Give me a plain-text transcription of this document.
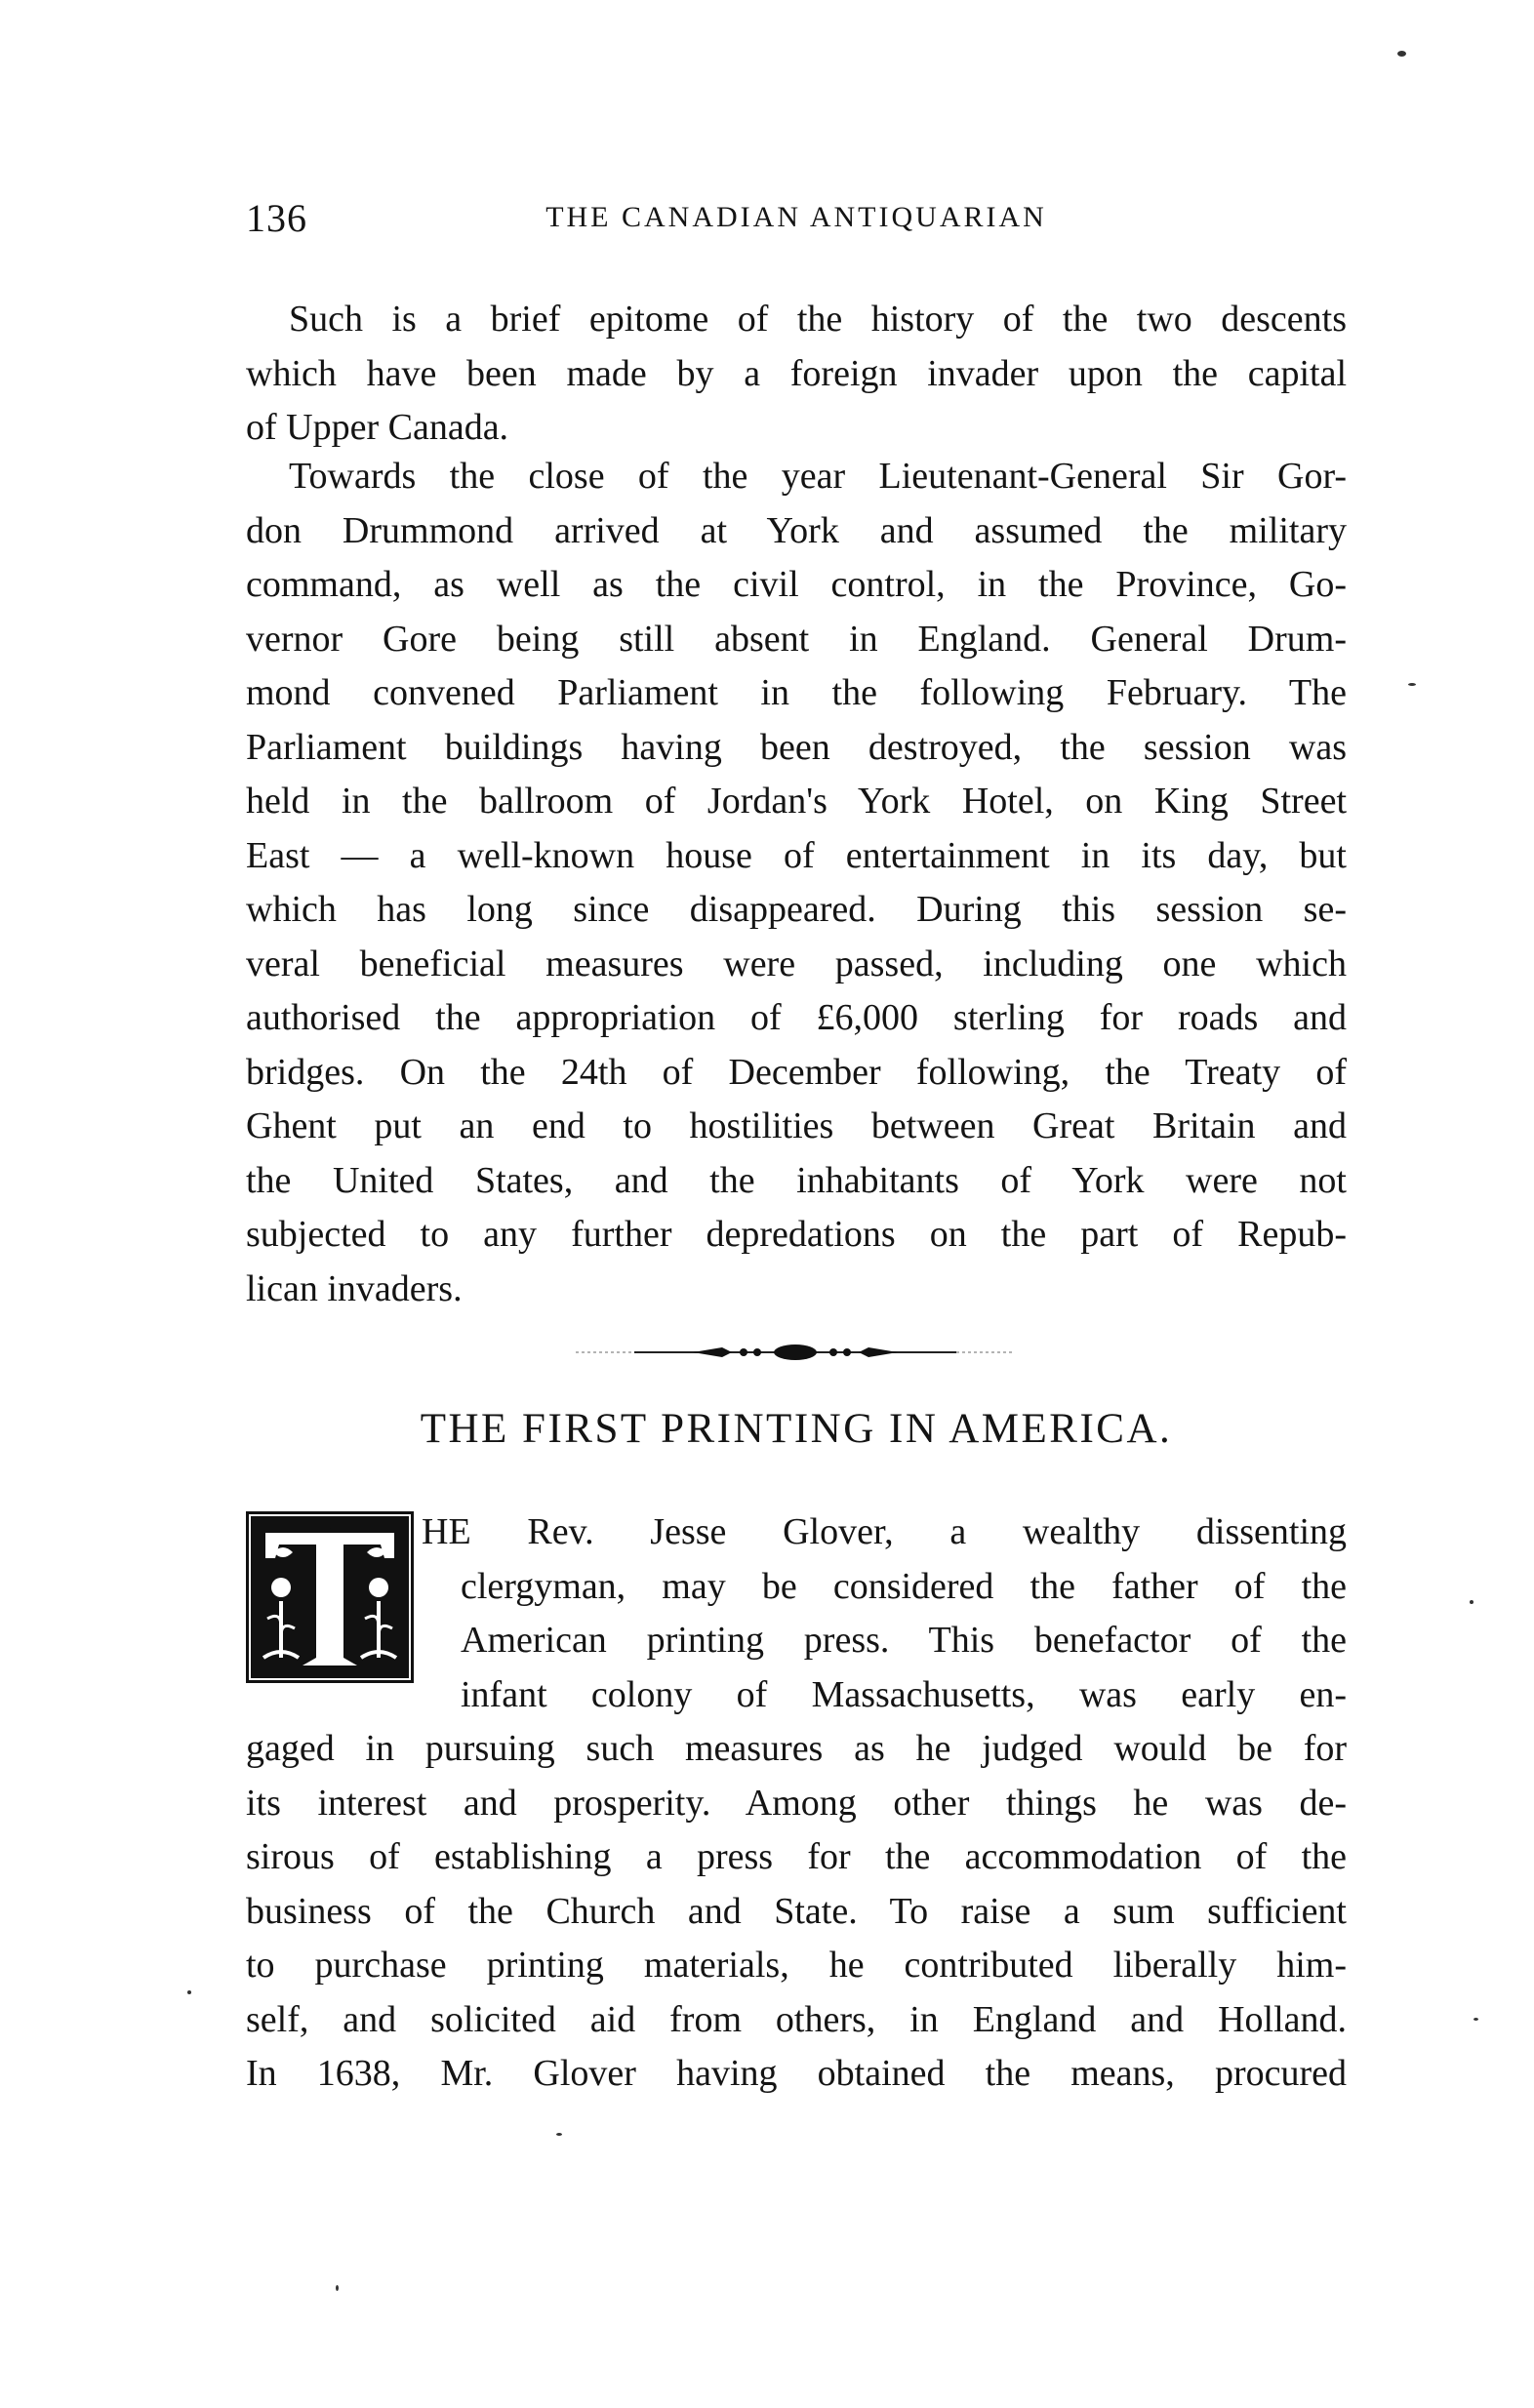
136	THE CANADIAN ANTIQUARIAN
Such is a brief epitome of the history of the two descents
which have been made by a foreign invader upon the capital
of Upper Canada.
Towards the close of the year Lieutenant-General Sir Gor-
don Drummond arrived at York and assumed the military
command, as well as the civil control, in the Province, Go-
vernor Gore being still absent in England. General Drum-
mond convened Parliament in the following February. The
Parliament buildings having been destroyed, the session was
held in the ballroom of Jordan's York Hotel, on King Street
East — a well-known house of entertainment in its day, but
which has long since disappeared. During this session se-
veral beneficial measures were passed, including one which
authorised the appropriation of £6,000 sterling for roads and
bridges. On the 24th of December following, the Treaty of
Ghent put an end to hostilities between Great Britain and
the United States, and the inhabitants of York were not
subjected to any further depredations on the part of Repub-
lican invaders.
THE FIRST PRINTING IN AMERICA.
T	HE Rev. Jesse Glover, a wealthy dissenting
clergyman, may be considered the father of the
American printing press. This benefactor of the
infant colony of Massachusetts, was early en-
gaged in pursuing such measures as he judged would be for
its interest and prosperity. Among other things he was de-
sirous of establishing a press for the accommodation of the
business of the Church and State. To raise a sum sufficient
to purchase printing materials, he contributed liberally him-
self, and solicited aid from others, in England and Holland.
In 1638, Mr. Glover having obtained the means, procured
